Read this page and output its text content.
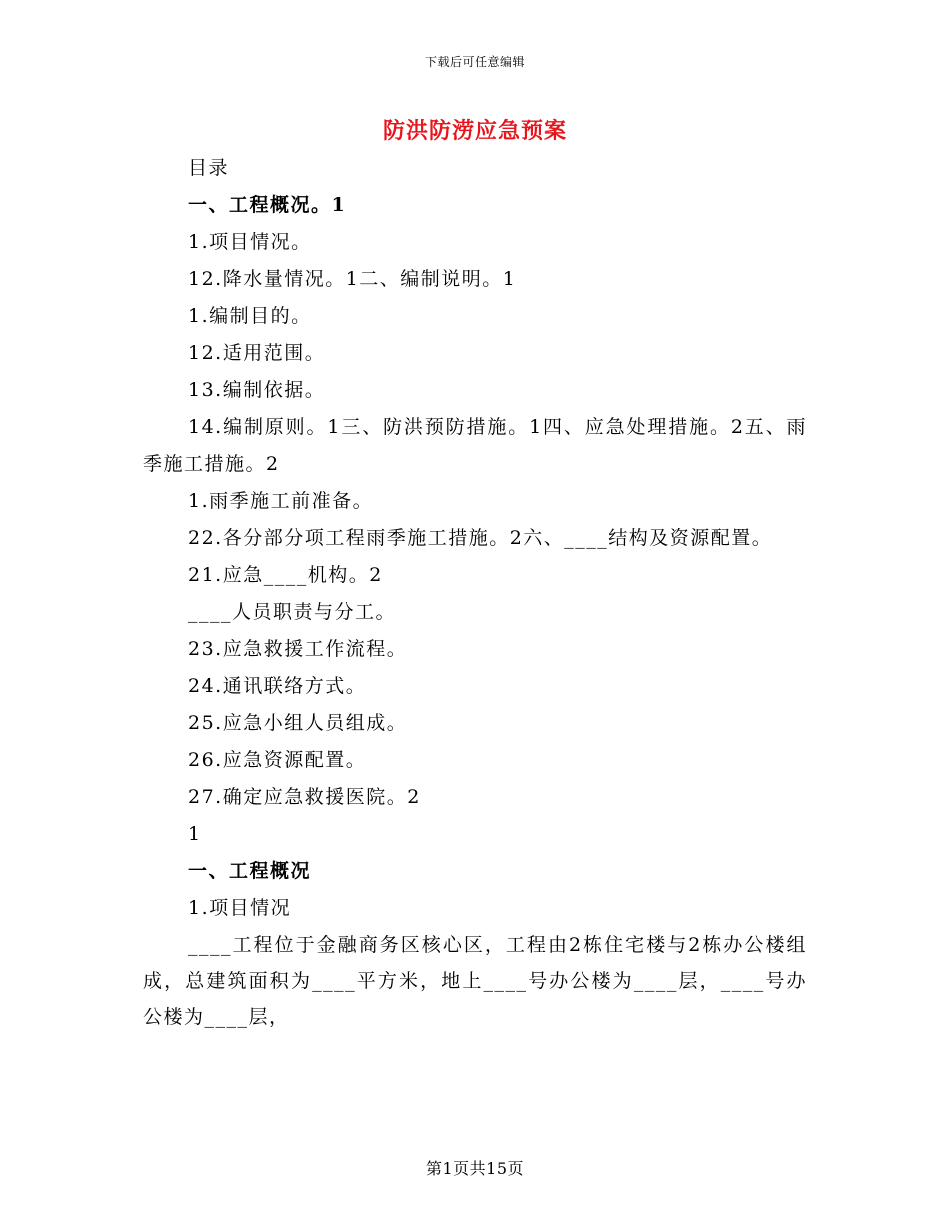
下载后可任意编辑
防洪防涝应急预案

目录

一、工程概况。1

1.项目情况。

12.降水量情况。1二、编制说明。1

1.编制目的。

12.适用范围。

13.编制依据。

14.编制原则。1三、防洪预防措施。1四、应急处理措施。2五、雨季施工措施。2

1.雨季施工前准备。

22.各分部分项工程雨季施工措施。2六、____结构及资源配置。

21.应急____机构。2

____人员职责与分工。

23.应急救援工作流程。

24.通讯联络方式。

25.应急小组人员组成。

26.应急资源配置。

27.确定应急救援医院。2

1

一、工程概况

1.项目情况

____工程位于金融商务区核心区，工程由2栋住宅楼与2栋办公楼组成，总建筑面积为____平方米，地上____号办公楼为____层，____号办公楼为____层，

第1页共15页
